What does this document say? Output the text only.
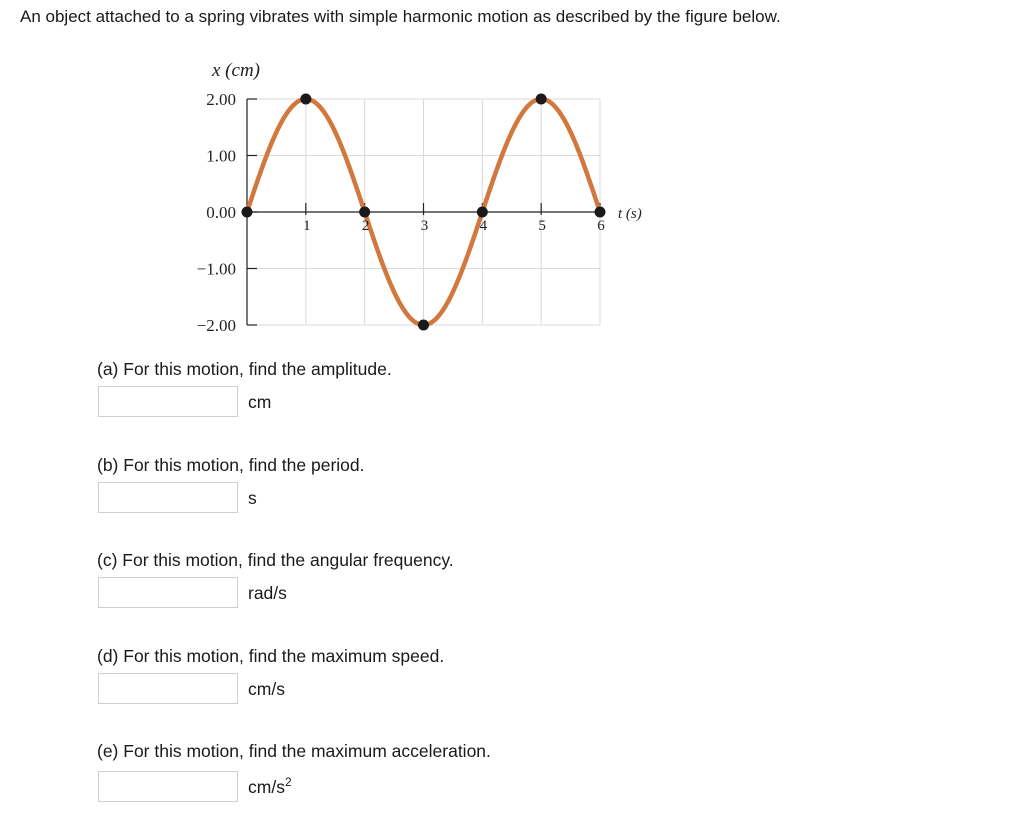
An object attached to a spring vibrates with simple harmonic motion as described by the figure below.

2.00
1.00
0.00
−1.00
−2.00
1	2	3	4	5	6
x (cm)
t (s)

(a) For this motion, find the amplitude.

cm

(b) For this motion, find the period.

s

(c) For this motion, find the angular frequency.

rad/s

(d) For this motion, find the maximum speed.

cm/s

(e) For this motion, find the maximum acceleration.

$cm/s^2$
